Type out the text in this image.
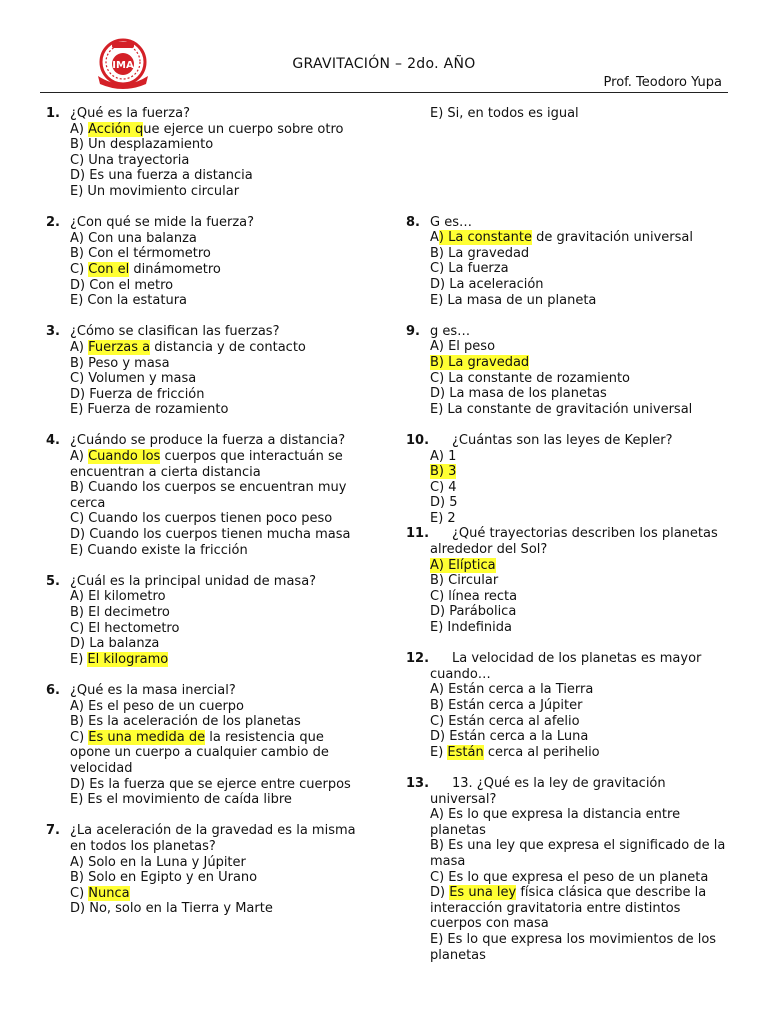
IMA	GRAVITACIÓN – 2do. AÑO
Prof. Teodoro Yupa
1. ¿Qué es la fuerza?
A) Acción que ejerce un cuerpo sobre otro
B) Un desplazamiento
C) Una trayectoria
D) Es una fuerza a distancia
E) Un movimiento circular
2. ¿Con qué se mide la fuerza?
A) Con una balanza
B) Con el térmometro
C) Con el dinámometro
D) Con el metro
E) Con la estatura
3. ¿Cómo se clasifican las fuerzas?
A) Fuerzas a distancia y de contacto
B) Peso y masa
C) Volumen y masa
D) Fuerza de fricción
E) Fuerza de rozamiento
4. ¿Cuándo se produce la fuerza a distancia?
A) Cuando los cuerpos que interactuán se encuentran a cierta distancia
B) Cuando los cuerpos se encuentran muy cerca
C) Cuando los cuerpos tienen poco peso
D) Cuando los cuerpos tienen mucha masa
E) Cuando existe la fricción
5. ¿Cuál es la principal unidad de masa?
A) El kilometro
B) El decimetro
C) El hectometro
D) La balanza
E) El kilogramo
6. ¿Qué es la masa inercial?
A) Es el peso de un cuerpo
B) Es la aceleración de los planetas
C) Es una medida de la resistencia que opone un cuerpo a cualquier cambio de velocidad
D) Es la fuerza que se ejerce entre cuerpos
E) Es el movimiento de caída libre
7. ¿La aceleración de la gravedad es la misma en todos los planetas?
A) Solo en la Luna y Júpiter
B) Solo en Egipto y en Urano
C) Nunca
D) No, solo en la Tierra y Marte
E) Si, en todos es igual
8. G es…
A) La constante de gravitación universal
B) La gravedad
C) La fuerza
D) La aceleración
E) La masa de un planeta
9. g es…
A) El peso
B) La gravedad
C) La constante de rozamiento
D) La masa de los planetas
E) La constante de gravitación universal
10.	¿Cuántas son las leyes de Kepler?
A) 1
B) 3
C) 4
D) 5
E) 2
11.	¿Qué trayectorias describen los planetas alrededor del Sol?
A) Elíptica
B) Circular
C) línea recta
D) Parábolica
E) Indefinida
12.	La velocidad de los planetas es mayor cuando…
A) Están cerca a la Tierra
B) Están cerca a Júpiter
C) Están cerca al afelio
D) Están cerca a la Luna
E) Están cerca al perihelio
13.	13. ¿Qué es la ley de gravitación universal?
A) Es lo que expresa la distancia entre planetas
B) Es una ley que expresa el significado de la masa
C) Es lo que expresa el peso de un planeta
D) Es una ley física clásica que describe la interacción gravitatoria entre distintos cuerpos con masa
E) Es lo que expresa los movimientos de los planetas
